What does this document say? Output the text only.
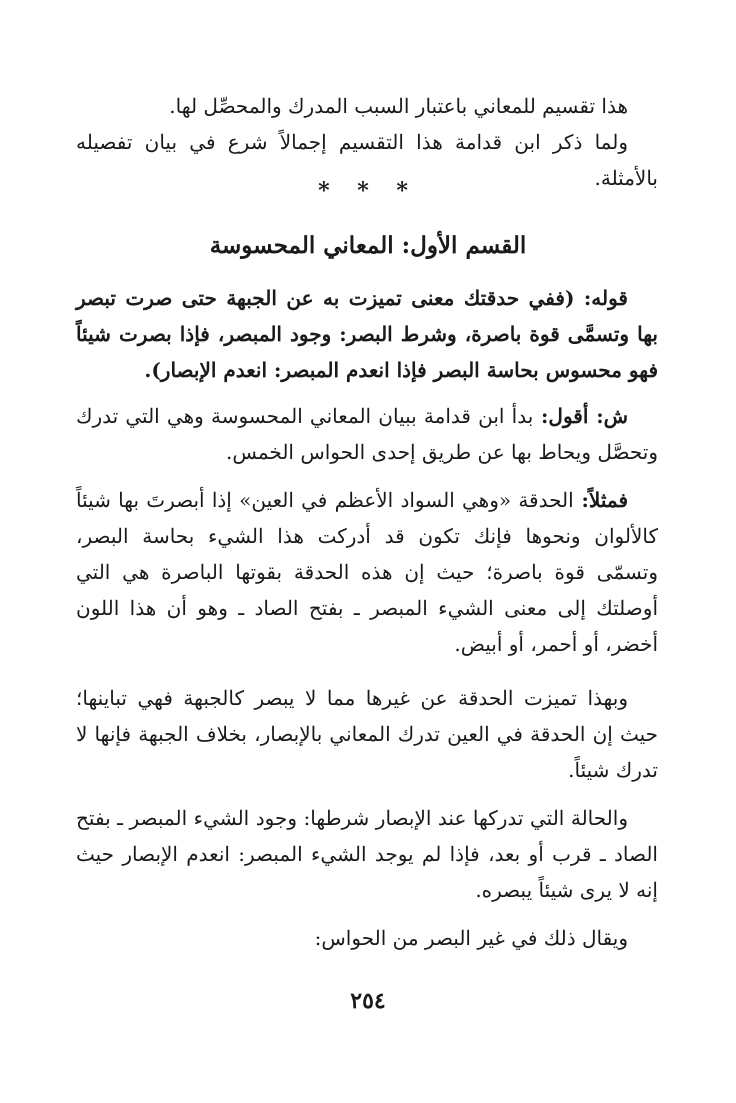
هذا تقسيم للمعاني باعتبار السبب المدرك والمحصِّل لها.

ولما ذكر ابن قدامة هذا التقسيم إجمالاً شرع في بيان تفصيله بالأمثلة.

* * *
القسم الأول: المعاني المحسوسة

قوله: (ففي حدقتك معنى تميزت به عن الجبهة حتى صرت تبصر بها وتسمَّى قوة باصرة، وشرط البصر: وجود المبصر، فإذا بصرت شيئاً فهو محسوس بحاسة البصر فإذا انعدم المبصر: انعدم الإبصار).

ش: أقول: بدأ ابن قدامة ببيان المعاني المحسوسة وهي التي تدرك وتحصَّل ويحاط بها عن طريق إحدى الحواس الخمس.

فمثلاً: الحدقة «وهي السواد الأعظم في العين» إذا أبصرتَ بها شيئاً كالألوان ونحوها فإنك تكون قد أدركت هذا الشيء بحاسة البصر، وتسمّى قوة باصرة؛ حيث إن هذه الحدقة بقوتها الباصرة هي التي أوصلتك إلى معنى الشيء المبصر ـ بفتح الصاد ـ وهو أن هذا اللون أخضر، أو أحمر، أو أبيض.

وبهذا تميزت الحدقة عن غيرها مما لا يبصر كالجبهة فهي تباينها؛ حيث إن الحدقة في العين تدرك المعاني بالإبصار، بخلاف الجبهة فإنها لا تدرك شيئاً.

والحالة التي تدركها عند الإبصار شرطها: وجود الشيء المبصر ـ بفتح الصاد ـ قرب أو بعد، فإذا لم يوجد الشيء المبصر: انعدم الإبصار حيث إنه لا يرى شيئاً يبصره.

ويقال ذلك في غير البصر من الحواس:

٢٥٤
